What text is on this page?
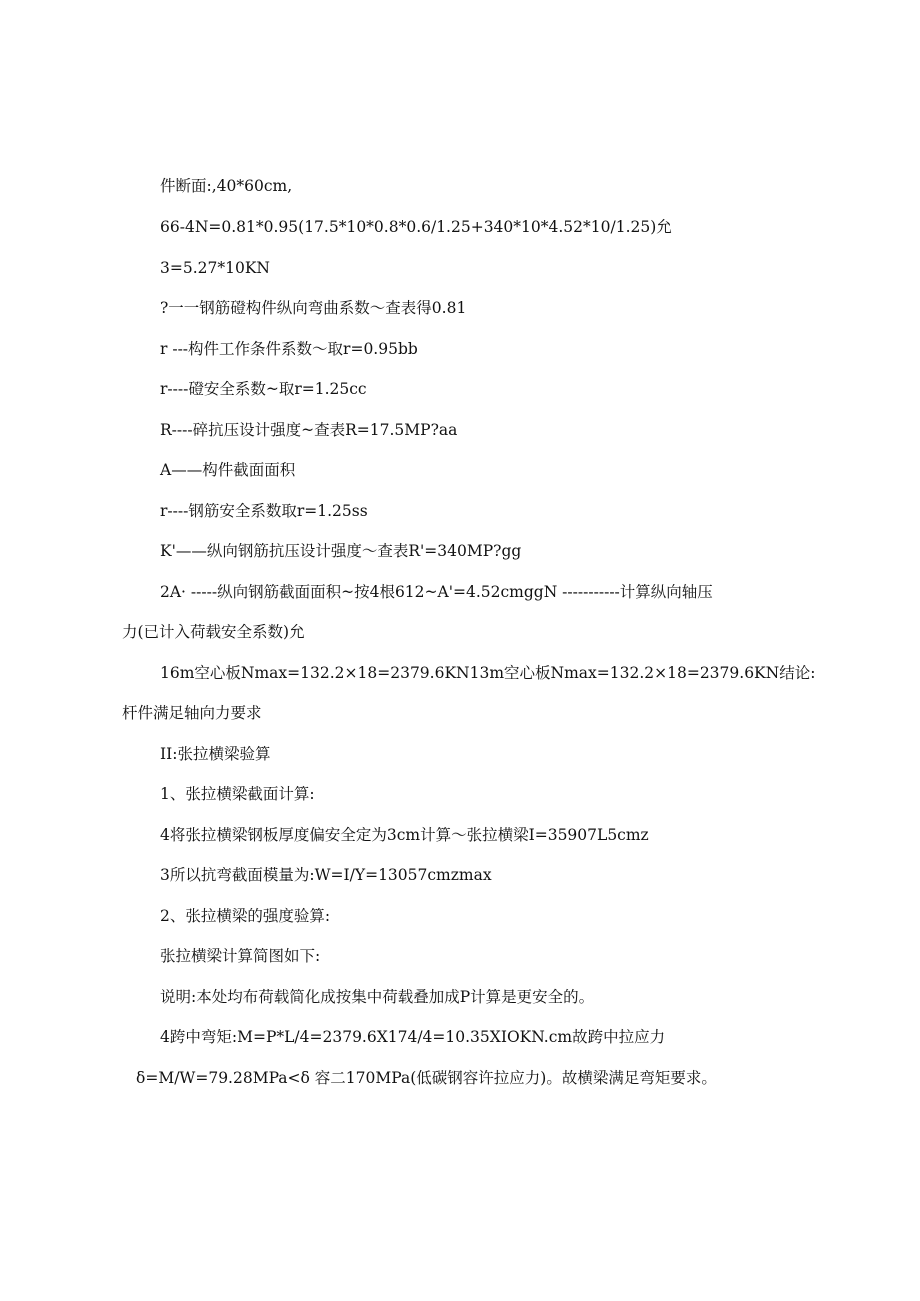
件断面:,40*60cm,
66-4N=0.81*0.95(17.5*10*0.8*0.6/1.25+340*10*4.52*10/1.25)允
3=5.27*10KN
?一一钢筋磴构件纵向弯曲系数～查表得0.81
r ---构件工作条件系数～取r=0.95bb
r----磴安全系数~取r=1.25cc
R----碎抗压设计强度~查表R=17.5MP?aa
A——构件截面面积
r----钢筋安全系数取r=1.25ss
K'——纵向钢筋抗压设计强度～查表R'=340MP?gg
2A· -----纵向钢筋截面面积~按4根612~A'=4.52cmggN -----------计算纵向轴压
力(已计入荷载安全系数)允
16m空心板Nmax=132.2×18=2379.6KN13m空心板Nmax=132.2×18=2379.6KN结论:
杆件满足轴向力要求
II:张拉横梁验算
1、张拉横梁截面计算:
4将张拉横梁钢板厚度偏安全定为3cm计算～张拉横梁I=35907L5cmz
3所以抗弯截面模量为:W=I/Y=13057cmzmax
2、张拉横梁的强度验算:
张拉横梁计算简图如下:
说明:本处均布荷载简化成按集中荷载叠加成P计算是更安全的。
4跨中弯矩:M=P*L/4=2379.6X174/4=10.35XIOKN.cm故跨中拉应力
δ=M/W=79.28MPa<δ 容二170MPa(低碳钢容许拉应力)。故横梁满足弯矩要求。
